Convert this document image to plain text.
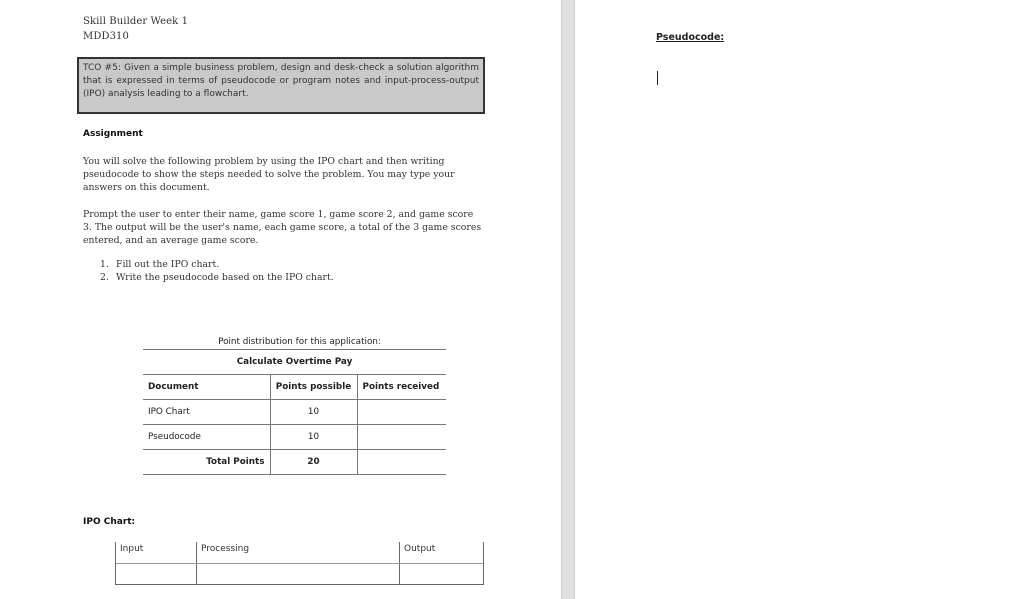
Skill Builder Week 1
MDD310
TCO #5: Given a simple business problem, design and desk-check a solution algorithm that is expressed in terms of pseudocode or program notes and input-process-output (IPO) analysis leading to a flowchart.
Assignment
You will solve the following problem by using the IPO chart and then writing pseudocode to show the steps needed to solve the problem. You may type your answers on this document.
Prompt the user to enter their name, game score 1, game score 2, and game score 3. The output will be the user's name, each game score, a total of the 3 game scores entered, and an average game score.
1. Fill out the IPO chart.
2. Write the pseudocode based on the IPO chart.
Point distribution for this application:
Calculate Overtime Pay		
Document	Points possible	Points received
IPO Chart	10	
Pseudocode	10	
Total Points	20	
IPO Chart:
Input	Processing	Output
Pseudocode:
